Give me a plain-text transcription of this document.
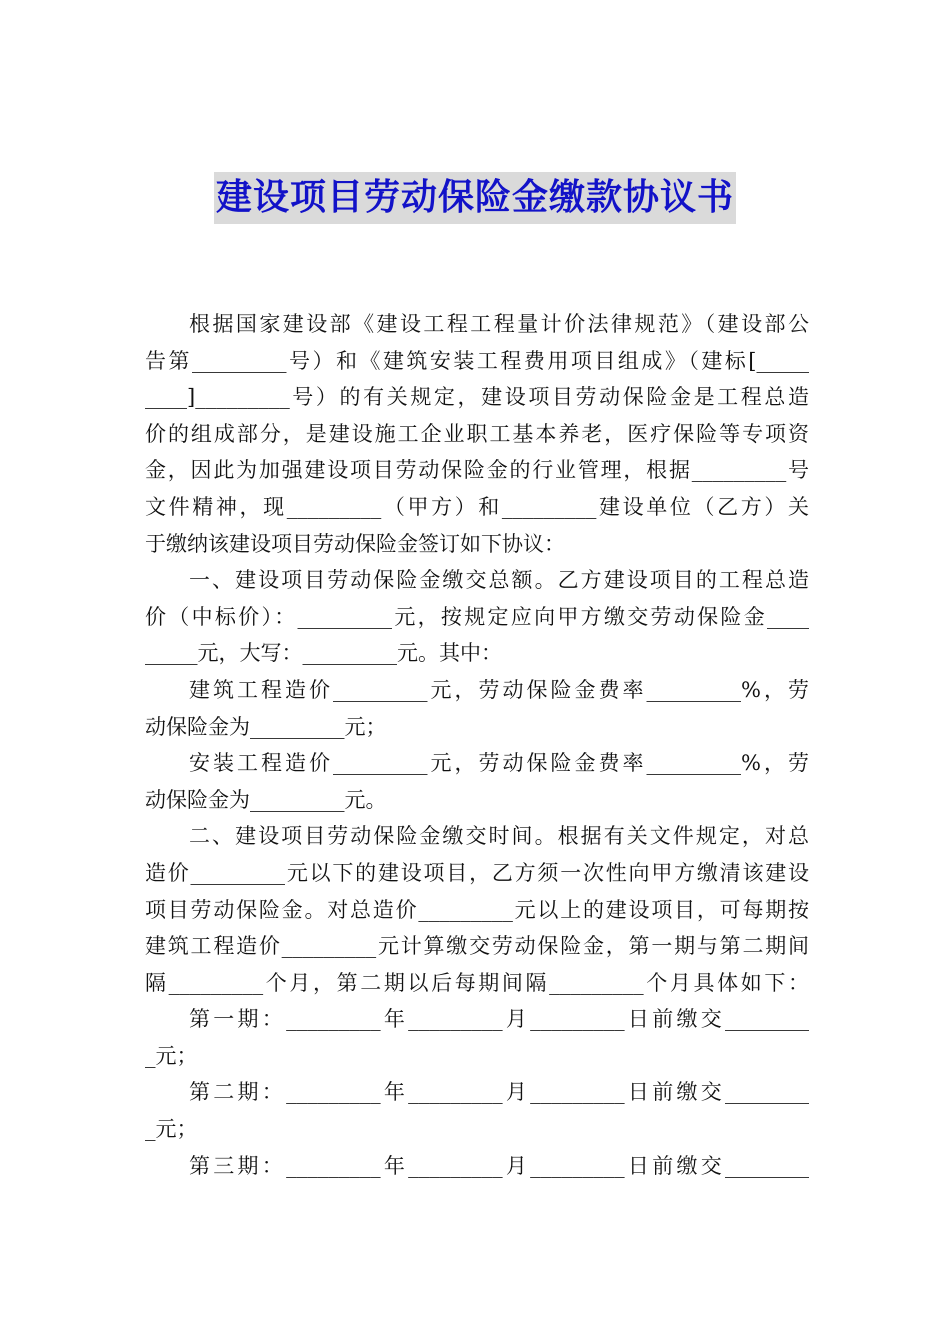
建设项目劳动保险金缴款协议书

根据国家建设部《建设工程工程量计价法律规范》（建设部公
告第_________号）和《建筑安装工程费用项目组成》（建标[_____
____]_________号）的有关规定，建设项目劳动保险金是工程总造
价的组成部分，是建设施工企业职工基本养老，医疗保险等专项资
金，因此为加强建设项目劳动保险金的行业管理，根据_________号
文件精神，现_________（甲方）和_________建设单位（乙方）关
于缴纳该建设项目劳动保险金签订如下协议：

一、建设项目劳动保险金缴交总额。乙方建设项目的工程总造
价（中标价）：_________元，按规定应向甲方缴交劳动保险金____
_____元，大写：_________元。其中：

建筑工程造价_________元，劳动保险金费率_________%，劳
动保险金为_________元；

安装工程造价_________元，劳动保险金费率_________%，劳
动保险金为_________元。

二、建设项目劳动保险金缴交时间。根据有关文件规定，对总
造价_________元以下的建设项目，乙方须一次性向甲方缴清该建设
项目劳动保险金。对总造价_________元以上的建设项目，可每期按
建筑工程造价_________元计算缴交劳动保险金，第一期与第二期间
隔_________个月，第二期以后每期间隔_________个月具体如下：

第一期：_________年_________月_________日前缴交________
_元；

第二期：_________年_________月_________日前缴交________
_元；

第三期：_________年_________月_________日前缴交________
